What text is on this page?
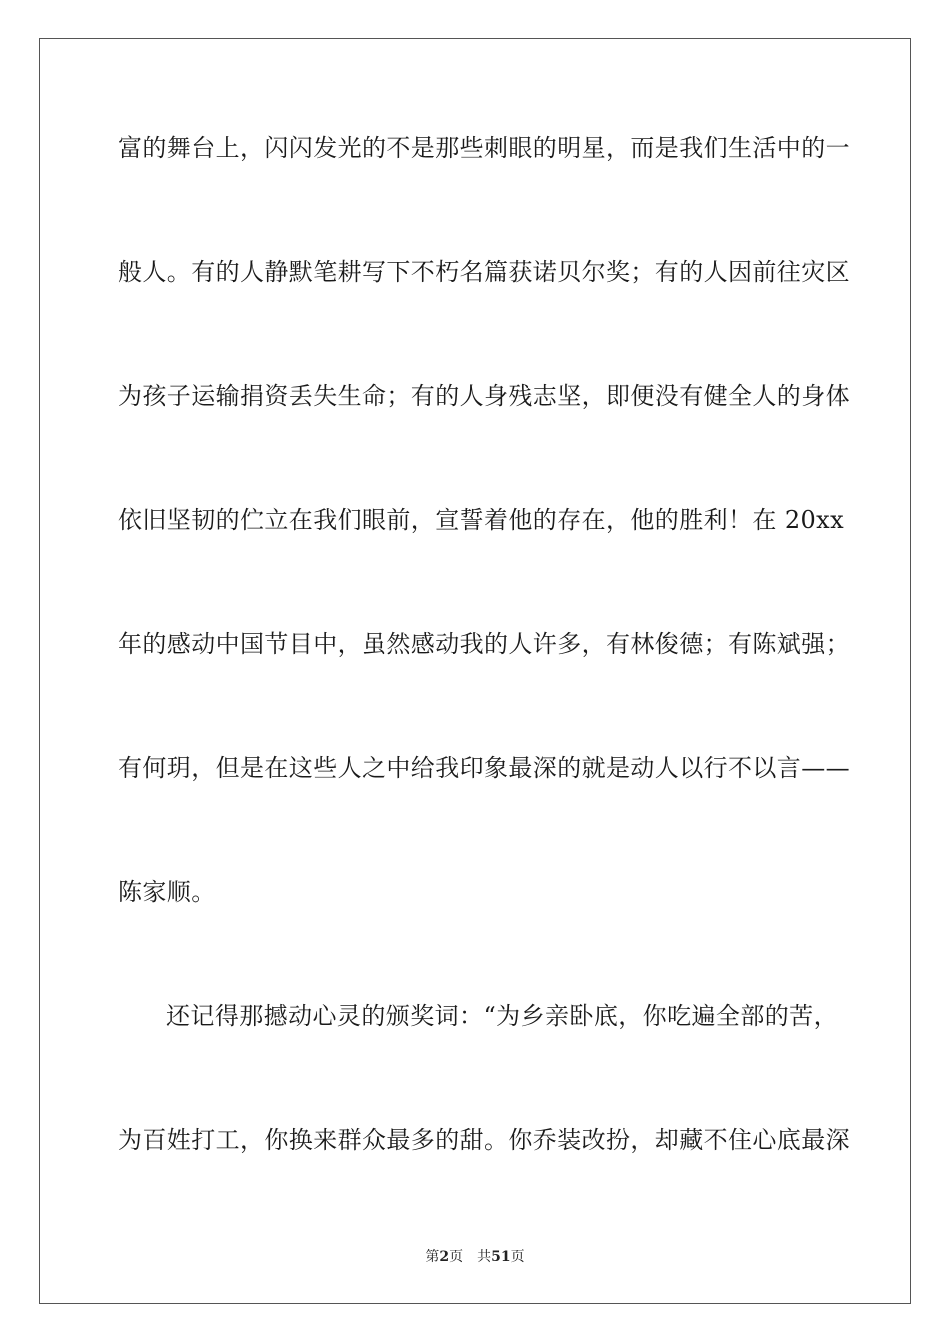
富的舞台上，闪闪发光的不是那些刺眼的明星，而是我们生活中的一
般人。有的人静默笔耕写下不朽名篇获诺贝尔奖；有的人因前往灾区
为孩子运输捐资丢失生命；有的人身残志坚，即便没有健全人的身体
依旧坚韧的伫立在我们眼前，宣誓着他的存在，他的胜利！在 20xx
年的感动中国节目中，虽然感动我的人许多，有林俊德；有陈斌强；
有何玥，但是在这些人之中给我印象最深的就是动人以行不以言——
陈家顺。
还记得那撼动心灵的颁奖词：“为乡亲卧底，你吃遍全部的苦，
为百姓打工，你换来群众最多的甜。你乔装改扮，却藏不住心底最深
第2页 共51页
